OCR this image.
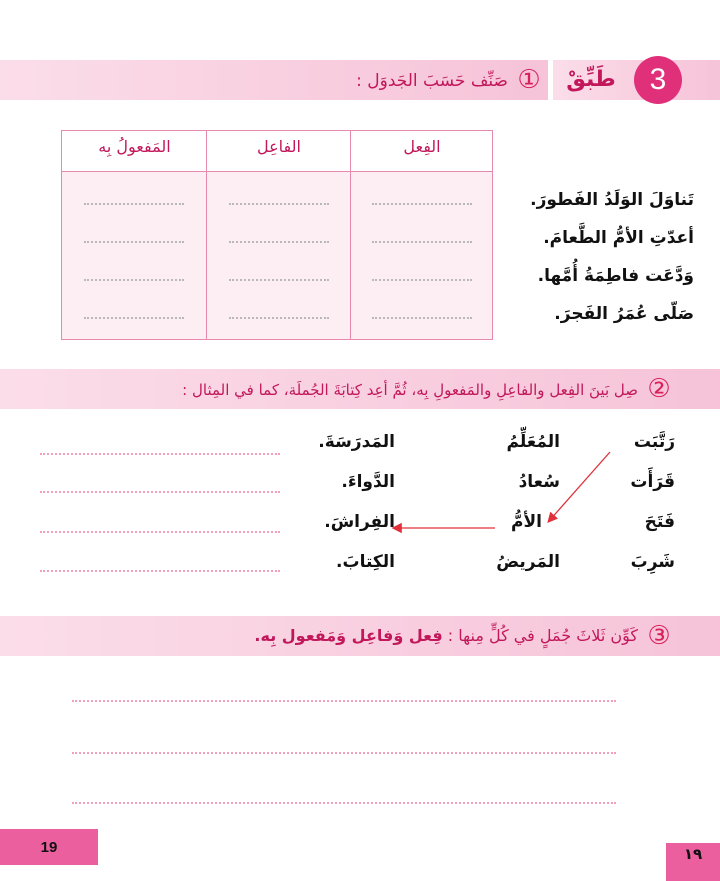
3
طَبِّقْ
①
صَنِّف حَسَبَ الجَدوَل :
المَفعولُ بِه	الفاعِل	الفِعل
تَناوَلَ الوَلَدُ الفَطورَ.
أعدّتِ الأمُّ الطَّعامَ.
وَدَّعَت فاطِمَةُ أُمَّها.
صَلّى عُمَرُ الفَجرَ.
②
صِل بَينَ الفِعل والفاعِلِ والمَفعولِ بِه، ثُمَّ أعِد كِتابَةَ الجُملَة، كما في المِثال :
رَتَّبَت
قَرَأَت
فَتَحَ
شَرِبَ
المُعَلِّمُ
سُعادُ
الأمُّ
المَريضُ
المَدرَسَةَ.
الدَّواءَ.
الفِراشَ.
الكِتابَ.
③
كَوِّن ثَلاثَ جُمَلٍ في كُلٍّ مِنها : فِعل وَفاعِل وَمَفعول بِه.
19	١٩
